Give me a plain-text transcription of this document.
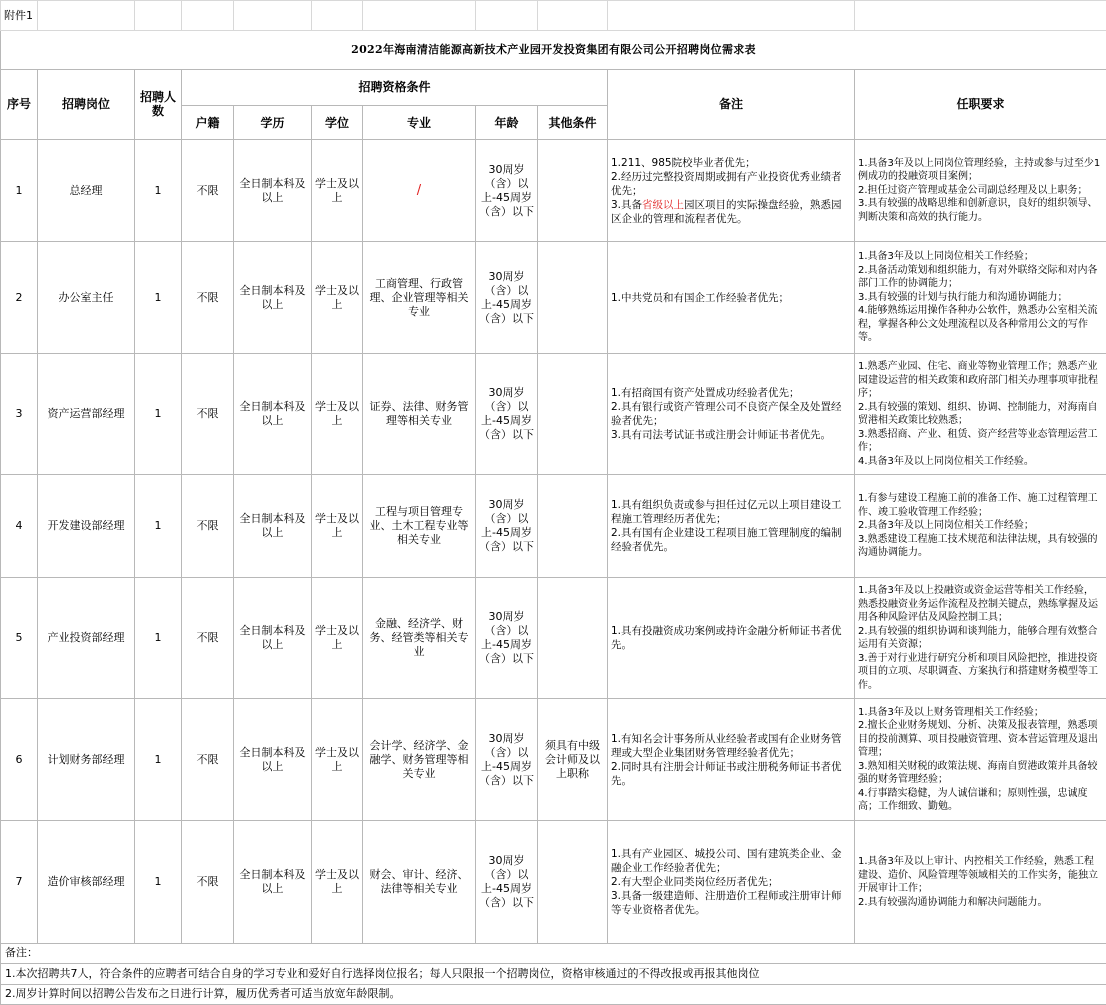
附件1										
2022年海南清洁能源高新技术产业园开发投资集团有限公司公开招聘岗位需求表										
序号	招聘岗位	招聘人数	招聘资格条件						备注	任职要求
			户籍	学历	学位	专业	年龄	其他条件		
1	总经理	1	不限	全日制本科及以上	学士及以上	/	30周岁（含）以上-45周岁（含）以下		1.211、985院校毕业者优先；
2.经历过完整投资周期或拥有产业投资优秀业绩者优先；
3.具备省级以上园区项目的实际操盘经验，熟悉园区企业的管理和流程者优先。	1.具备3年及以上同岗位管理经验，主持或参与过至少1例成功的投融资项目案例；
2.担任过资产管理或基金公司副总经理及以上职务；
3.具有较强的战略思维和创新意识，良好的组织领导、判断决策和高效的执行能力。
2	办公室主任	1	不限	全日制本科及以上	学士及以上	工商管理、行政管理、企业管理等相关专业	30周岁（含）以上-45周岁（含）以下		1.中共党员和有国企工作经验者优先；	1.具备3年及以上同岗位相关工作经验；
2.具备活动策划和组织能力，有对外联络交际和对内各部门工作的协调能力；
3.具有较强的计划与执行能力和沟通协调能力；
4.能够熟练运用操作各种办公软件，熟悉办公室相关流程，掌握各种公文处理流程以及各种常用公文的写作等。
3	资产运营部经理	1	不限	全日制本科及以上	学士及以上	证券、法律、财务管理等相关专业	30周岁（含）以上-45周岁（含）以下		1.有招商国有资产处置成功经验者优先；
2.具有银行或资产管理公司不良资产保全及处置经验者优先；
3.具有司法考试证书或注册会计师证书者优先。	1.熟悉产业园、住宅、商业等物业管理工作；熟悉产业园建设运营的相关政策和政府部门相关办理事项审批程序；
2.具有较强的策划、组织、协调、控制能力，对海南自贸港相关政策比较熟悉；
3.熟悉招商、产业、租赁、资产经营等业态管理运营工作；
4.具备3年及以上同岗位相关工作经验。
4	开发建设部经理	1	不限	全日制本科及以上	学士及以上	工程与项目管理专业、土木工程专业等相关专业	30周岁（含）以上-45周岁（含）以下		1.具有组织负责或参与担任过亿元以上项目建设工程施工管理经历者优先；
2.具有国有企业建设工程项目施工管理制度的编制经验者优先。	1.有参与建设工程施工前的准备工作、施工过程管理工作、竣工验收管理工作经验；
2.具备3年及以上同岗位相关工作经验；
3.熟悉建设工程施工技术规范和法律法规，具有较强的沟通协调能力。
5	产业投资部经理	1	不限	全日制本科及以上	学士及以上	金融、经济学、财务、经管类等相关专业	30周岁（含）以上-45周岁（含）以下		1.具有投融资成功案例或持许金融分析师证书者优先。	1.具备3年及以上投融资或资金运营等相关工作经验，熟悉投融资业务运作流程及控制关键点，熟练掌握及运用各种风险评估及风险控制工具；
2.具有较强的组织协调和谈判能力，能够合理有效整合运用有关资源；
3.善于对行业进行研究分析和项目风险把控，推进投资项目的立项、尽职调查、方案执行和搭建财务模型等工作。
6	计划财务部经理	1	不限	全日制本科及以上	学士及以上	会计学、经济学、金融学、财务管理等相关专业	30周岁（含）以上-45周岁（含）以下	须具有中级会计师及以上职称	1.有知名会计事务所从业经验者或国有企业财务管理或大型企业集团财务管理经验者优先；
2.同时具有注册会计师证书或注册税务师证书者优先。	1.具备3年及以上财务管理相关工作经验；
2.擅长企业财务规划、分析、决策及报表管理，熟悉项目的投前测算、项目投融资管理、资本营运管理及退出管理；
3.熟知相关财税的政策法规、海南自贸港政策并具备较强的财务管理经验；
4.行事踏实稳健，为人诚信谦和；原则性强，忠诚度高；工作细致、勤勉。
7	造价审核部经理	1	不限	全日制本科及以上	学士及以上	财会、审计、经济、法律等相关专业	30周岁（含）以上-45周岁（含）以下		1.具有产业园区、城投公司、国有建筑类企业、金融企业工作经验者优先；
2.有大型企业同类岗位经历者优先；
3.具备一级建造师、注册造价工程师或注册审计师等专业资格者优先。	1.具备3年及以上审计、内控相关工作经验，熟悉工程建设、造价、风险管理等领域相关的工作实务，能独立开展审计工作；
2.具有较强沟通协调能力和解决问题能力。
备注：										
1.本次招聘共7人，符合条件的应聘者可结合自身的学习专业和爱好自行选择岗位报名；每人只限报一个招聘岗位，资格审核通过的不得改报或再报其他岗位										
2.周岁计算时间以招聘公告发布之日进行计算，履历优秀者可适当放宽年龄限制。										
